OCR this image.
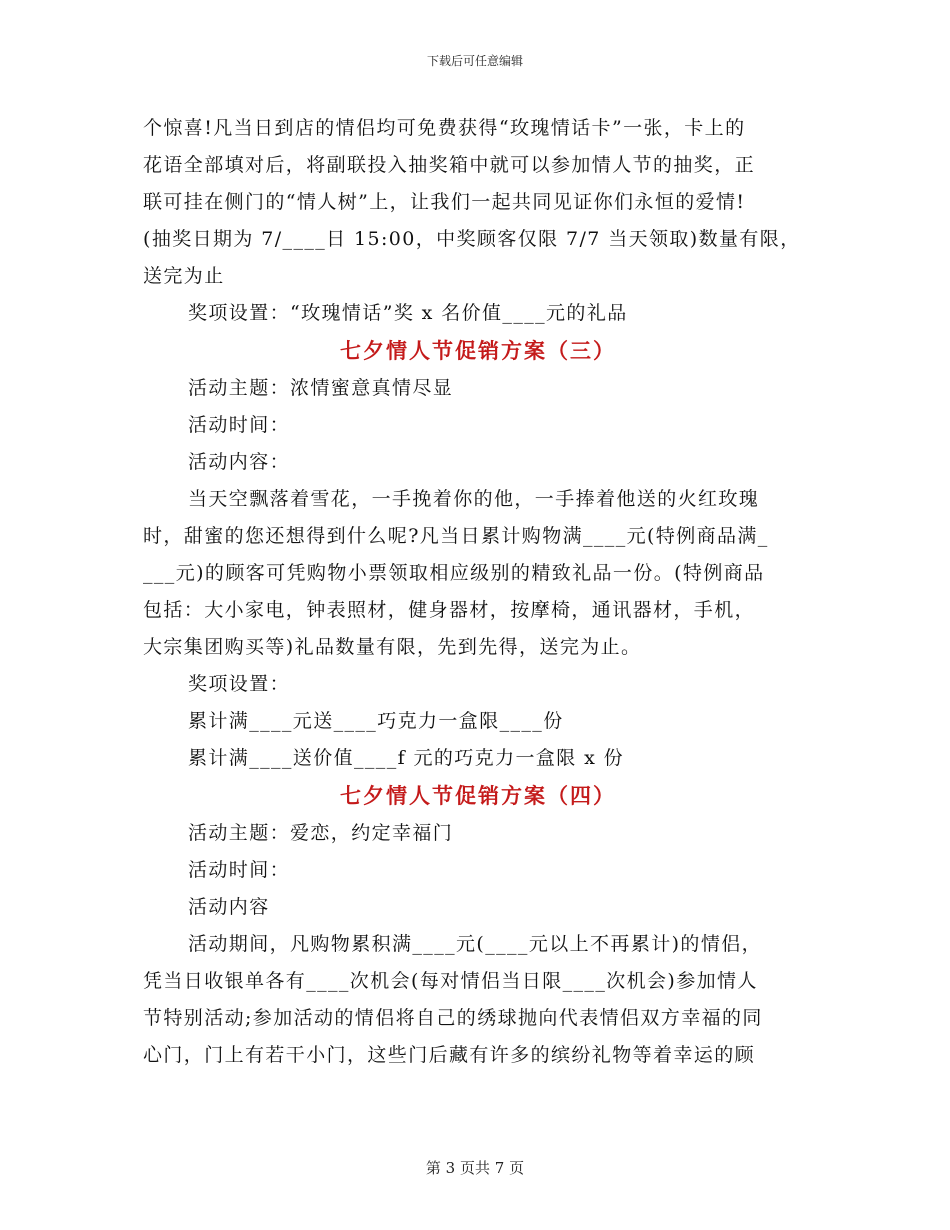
下载后可任意编辑

个惊喜!凡当日到店的情侣均可免费获得“玫瑰情话卡”一张，卡上的

花语全部填对后，将副联投入抽奖箱中就可以参加情人节的抽奖，正

联可挂在侧门的“情人树”上，让我们一起共同见证你们永恒的爱情!

(抽奖日期为 7/____日 15:00，中奖顾客仅限 7/7 当天领取)数量有限，

送完为止

奖项设置：“玫瑰情话”奖 x 名价值____元的礼品

七夕情人节促销方案（三）

活动主题：浓情蜜意真情尽显

活动时间：

活动内容：

当天空飘落着雪花，一手挽着你的他，一手捧着他送的火红玫瑰

时，甜蜜的您还想得到什么呢?凡当日累计购物满____元(特例商品满_

___元)的顾客可凭购物小票领取相应级别的精致礼品一份。(特例商品

包括：大小家电，钟表照材，健身器材，按摩椅，通讯器材，手机，

大宗集团购买等)礼品数量有限，先到先得，送完为止。

奖项设置：

累计满____元送____巧克力一盒限____份

累计满____送价值____f 元的巧克力一盒限 x 份

七夕情人节促销方案（四）

活动主题：爱恋，约定幸福门

活动时间：

活动内容

活动期间，凡购物累积满____元(____元以上不再累计)的情侣，

凭当日收银单各有____次机会(每对情侣当日限____次机会)参加情人

节特别活动;参加活动的情侣将自己的绣球抛向代表情侣双方幸福的同

心门，门上有若干小门，这些门后藏有许多的缤纷礼物等着幸运的顾

第 3 页共 7 页
